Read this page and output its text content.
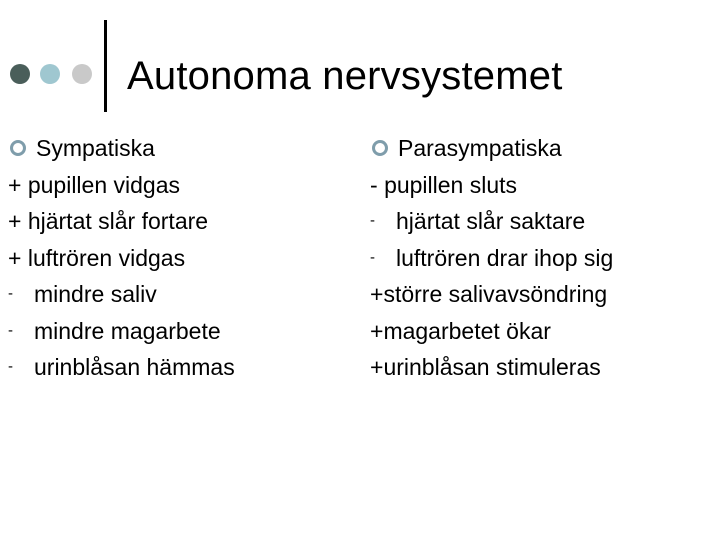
Autonoma nervsystemet
Sympatiska
+ pupillen vidgas
+ hjärtat slår fortare
+ luftrören vidgas
- mindre saliv
- mindre magarbete
- urinblåsan hämmas
Parasympatiska
- pupillen sluts
- hjärtat slår saktare
- luftrören drar ihop sig
+större salivavsöndring
+magarbetet ökar
+urinblåsan stimuleras
